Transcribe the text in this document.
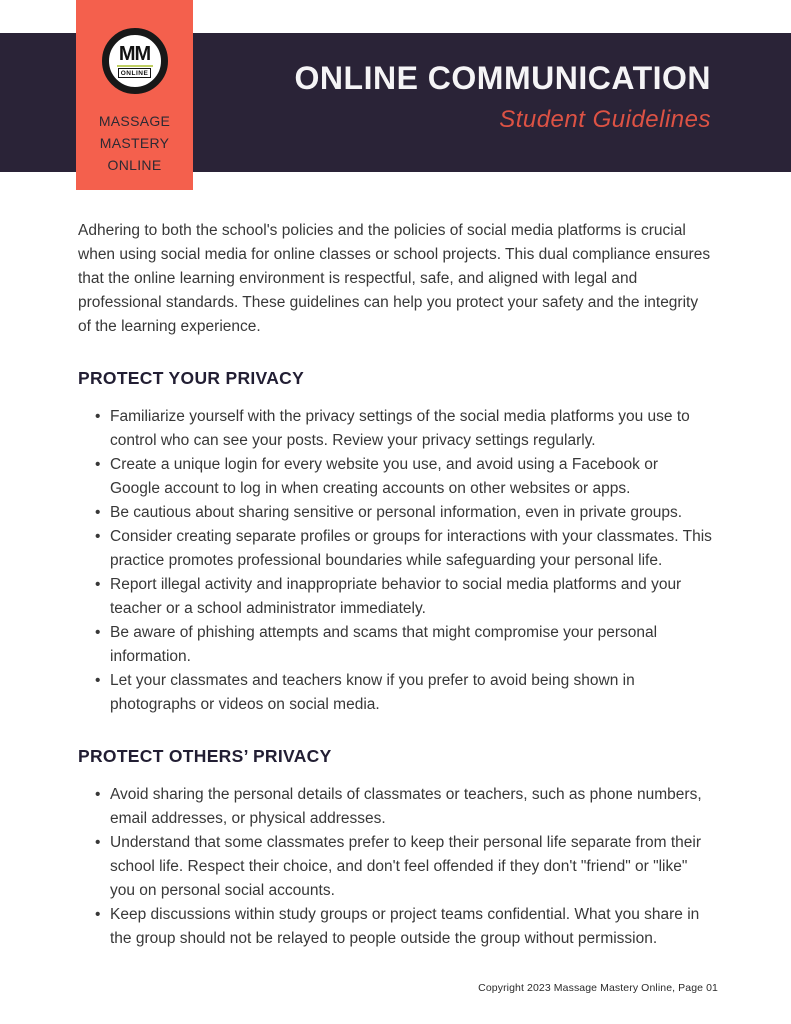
MM
ONLINE
MASSAGE
MASTERY
ONLINE
ONLINE COMMUNICATION
Student Guidelines

Adhering to both the school's policies and the policies of social media platforms is crucial when using social media for online classes or school projects. This dual compliance ensures that the online learning environment is respectful, safe, and aligned with legal and professional standards. These guidelines can help you protect your safety and the integrity of the learning experience.

PROTECT YOUR PRIVACY
• Familiarize yourself with the privacy settings of the social media platforms you use to control who can see your posts. Review your privacy settings regularly.
• Create a unique login for every website you use, and avoid using a Facebook or Google account to log in when creating accounts on other websites or apps.
• Be cautious about sharing sensitive or personal information, even in private groups.
• Consider creating separate profiles or groups for interactions with your classmates. This practice promotes professional boundaries while safeguarding your personal life.
• Report illegal activity and inappropriate behavior to social media platforms and your teacher or a school administrator immediately.
• Be aware of phishing attempts and scams that might compromise your personal information.
• Let your classmates and teachers know if you prefer to avoid being shown in photographs or videos on social media.
PROTECT OTHERS’ PRIVACY
• Avoid sharing the personal details of classmates or teachers, such as phone numbers, email addresses, or physical addresses.
• Understand that some classmates prefer to keep their personal life separate from their school life. Respect their choice, and don't feel offended if they don't "friend" or "like" you on personal social accounts.
• Keep discussions within study groups or project teams confidential. What you share in the group should not be relayed to people outside the group without permission.
Copyright 2023 Massage Mastery Online, Page 01
